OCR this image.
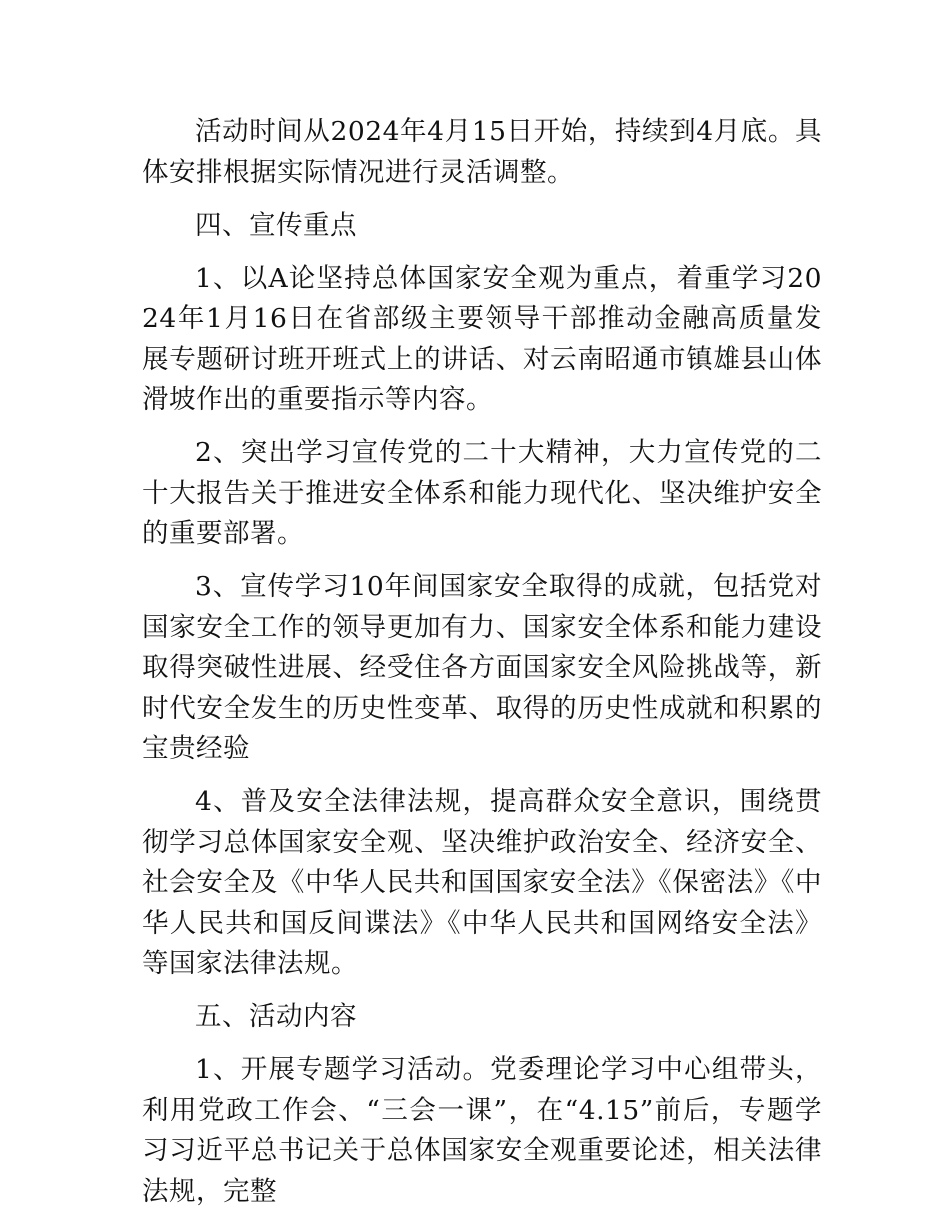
活动时间从2024年4月15日开始，持续到4月底。具体安排根据实际情况进行灵活调整。

四、宣传重点

1、以A论坚持总体国家安全观为重点，着重学习2024年1月16日在省部级主要领导干部推动金融高质量发展专题研讨班开班式上的讲话、对云南昭通市镇雄县山体滑坡作出的重要指示等内容。

2、突出学习宣传党的二十大精神，大力宣传党的二十大报告关于推进安全体系和能力现代化、坚决维护安全的重要部署。

3、宣传学习10年间国家安全取得的成就，包括党对国家安全工作的领导更加有力、国家安全体系和能力建设取得突破性进展、经受住各方面国家安全风险挑战等，新时代安全发生的历史性变革、取得的历史性成就和积累的宝贵经验

4、普及安全法律法规，提高群众安全意识，围绕贯彻学习总体国家安全观、坚决维护政治安全、经济安全、社会安全及《中华人民共和国国家安全法》《保密法》《中华人民共和国反间谍法》《中华人民共和国网络安全法》等国家法律法规。

五、活动内容

1、开展专题学习活动。党委理论学习中心组带头，利用党政工作会、“三会一课”，在“4.15”前后，专题学习习近平总书记关于总体国家安全观重要论述，相关法律法规，完整
